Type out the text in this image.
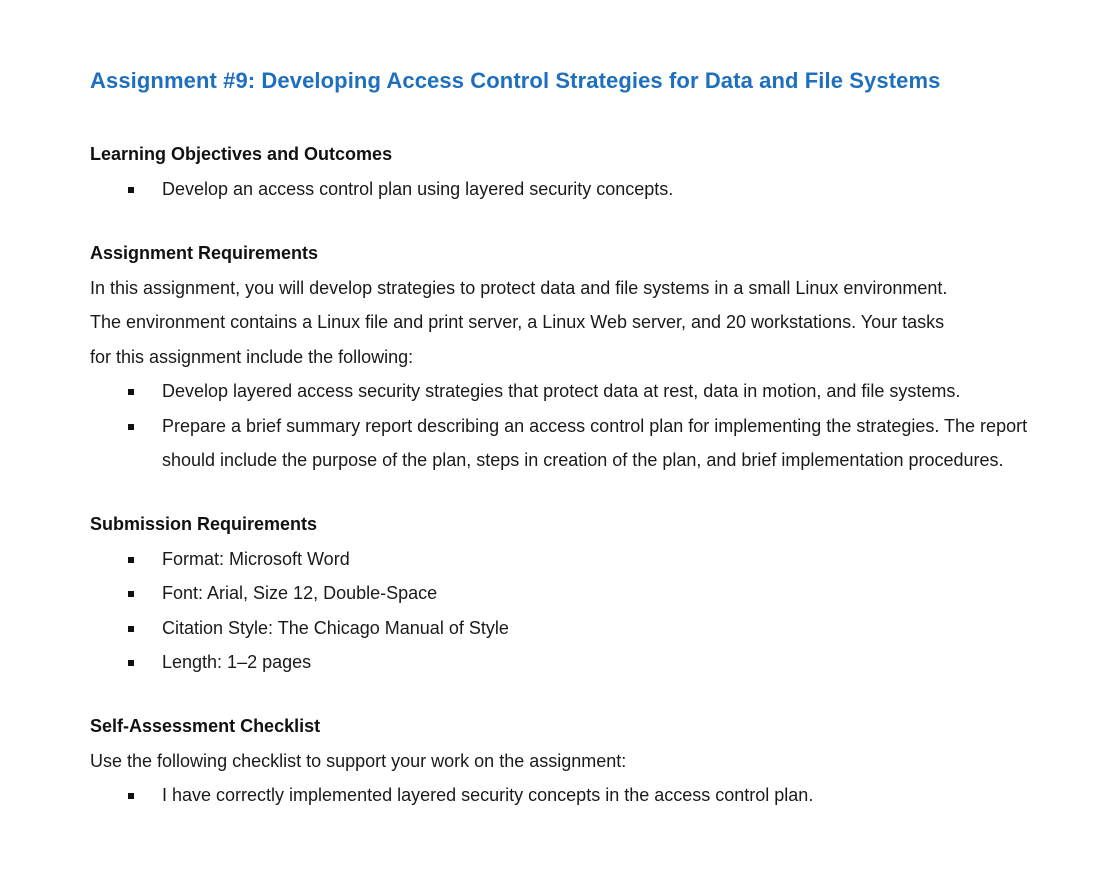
Assignment #9: Developing Access Control Strategies for Data and File Systems
Learning Objectives and Outcomes
Develop an access control plan using layered security concepts.
Assignment Requirements

In this assignment, you will develop strategies to protect data and file systems in a small Linux environment. The environment contains a Linux file and print server, a Linux Web server, and 20 workstations. Your tasks for this assignment include the following:

Develop layered access security strategies that protect data at rest, data in motion, and file systems.
Prepare a brief summary report describing an access control plan for implementing the strategies. The report should include the purpose of the plan, steps in creation of the plan, and brief implementation procedures.
Submission Requirements
Format: Microsoft Word
Font: Arial, Size 12, Double-Space
Citation Style: The Chicago Manual of Style
Length: 1–2 pages
Self-Assessment Checklist

Use the following checklist to support your work on the assignment:

I have correctly implemented layered security concepts in the access control plan.
